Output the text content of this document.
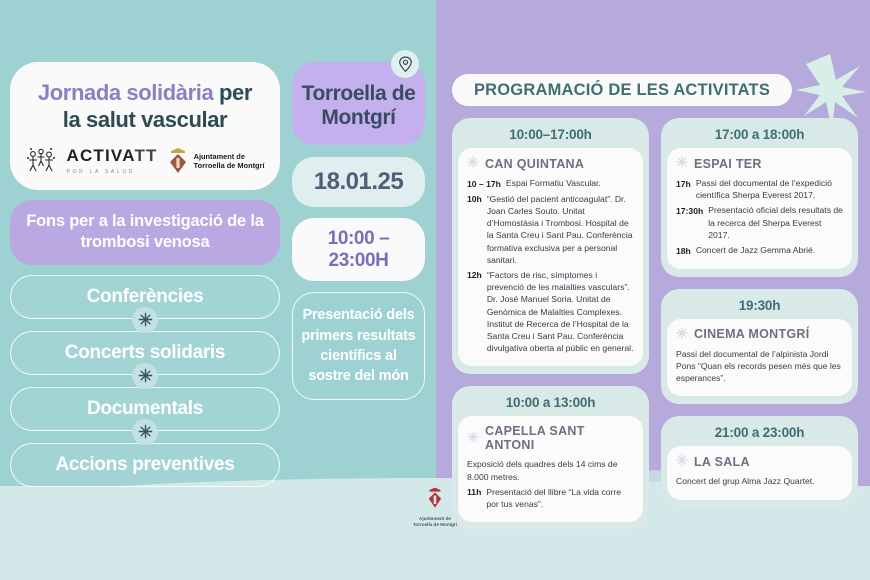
Jornada solidària per
la salut vascular
ACTIVATT
POR LA SALUD
Ajuntament de
Torroella de Montgrí
Fons per a la investigació de la trombosi venosa
Conferències
Concerts solidaris
Documentals
Accions preventives
Torroella de Montgrí
18.01.25
10:00 – 23:00H
Presentació dels primers resultats científics al sostre del món
PROGRAMACIÓ DE LES ACTIVITATS
10:00–17:00h
CAN QUINTANA
10 – 17h Espai Formatiu Vascular.
10h “Gestió del pacient anticoagulat”. Dr. Joan Carles Souto. Unitat d’Homostàsia i Trombosi. Hospital de la Santa Creu i Sant Pau. Conferència formativa exclusiva per a personal sanitari.
12h “Factors de risc, símptomes i prevenció de les malalties vasculars”. Dr. José Manuel Soria. Unitat de Genòmica de Malalties Complexes. Institut de Recerca de l’Hospital de la Santa Creu i Sant Pau. Conferència divulgativa oberta al públic en general.
10:00 a 13:00h
CAPELLA SANT ANTONI
Exposició dels quadres dels 14 cims de 8.000 metres.
11h Presentació del llibre “La vida corre por tus venas”.
17:00 a 18:00h
ESPAI TER
17h Passi del documental de l’expedició científica Sherpa Everest 2017.
17:30h Presentació oficial dels resultats de la recerca del Sherpa Everest 2017.
18h Concert de Jazz Gemma Abrié.
19:30h
CINEMA MONTGRÍ
Passi del documental de l’alpinista Jordi Pons “Quan els records pesen més que les esperances”.
21:00 a 23:00h
LA SALA
Concert del grup Alma Jazz Quartet.
Ajuntament de
Torroella de Montgrí
